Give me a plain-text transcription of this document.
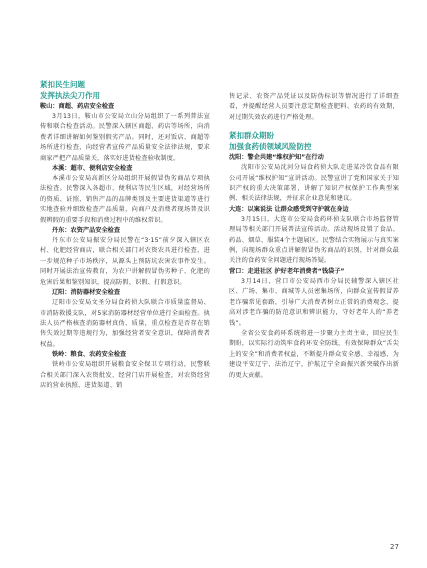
紧扣民生问题

发挥执法尖刀作用

鞍山：商超、药店安全检查

3月13日，鞍山市公安局立山分局组织了一系列普法宣传和联合检查活动。民警深入辖区商超、药店等场所，向消费者详细讲解如何鉴别假劣产品。同时，还对饭店、商超等场所进行检查，向经营者宣传产品质量安全法律法规，要求商家严把产品质量关，落实好进货检查验收制度。

本溪：超市、便利店安全检查

本溪市公安局高新区分局组织开展假冒伪劣商品专项执法检查。民警深入各超市、便利店等民生区域，对经营场所的资质、证照、销售产品的品牌类别及主要进货渠道等进行实地查验并细致检查产品质量，向商户及消费者现场普及识假辨假的重要手段和消费过程中的维权常识。

丹东：农资产品安全检查

丹东市公安局振安分局民警在“3·15”前夕深入辖区农村、化肥经营商店，联合相关部门对农资农具进行检查，进一步规范种子市场秩序，从源头上预防坑农害农事件发生。同时开展法治宣传教育，为农户讲解假冒伪劣种子、化肥的危害后果和鉴别知识，提高防假、识假、打假意识。

辽阳：消防器材安全检查

辽阳市公安局文圣分局食药侦大队联合市质量监督局、市消防救援支队，对5家消防器材经营单位进行全面检查。执法人员严格核查消防器材真伪、质量，重点检查是否存在销售失效过期等违规行为，加强经营者安全意识，保障消费者权益。

铁岭：粮食、农药安全检查

铁岭市公安局组织开展粮食安全保卫专项行动，民警联合相关部门深入农资批发、经营门店开展检查，对农资经营店的营业执照、进货渠道、销

售记录、农资产品凭证以及防伪标识等情况进行了详细查看，并提醒经营人员要注意定期检查肥料、农药的有效期，对过期失效农药进行严格处理。

紧扣群众期盼

加强食药侦领域风险防控

沈阳：警企共建“维权护知”在行动

沈阳市公安局沈河分局食药侦大队走进某冷饮食品有限公司开展“维权护知”宣讲活动。民警宣讲了党和国家关于知识产权的重大决策部署，讲解了知识产权保护工作典型案例、相关法律法规，并征求企业意见和建议。

大连：以案说法 让群众感受到守护就在身边

3月15日，大连市公安局食药环侦支队联合市场监督管理局等相关部门开展普法宣传活动。活动现场设置了食品、药品、烟草、服装4个主题展区。民警结合实物展示与真实案例，向现场群众重点讲解假冒伪劣商品的识别，针对群众最关注的食药安全问题进行现场答疑。

营口：走进社区 护好老年消费者“钱袋子”

3月14日，营口市公安局西市分局民辅警深入辖区社区、广场、集市、商城等人员密集场所，向群众宣传假冒养老诈骗常见套路，引导广大消费者树立正常的消费观念，提高对涉老诈骗的防范意识和辨识能力，守好老年人的“养老钱”。

全省公安食药环系统将进一步聚力主责主业，回应民生期盼，以实际行动筑牢食药环安全防线，有效保障群众“舌尖上的安全”和消费者权益，不断提升群众安全感、幸福感，为建设平安辽宁、法治辽宁，护航辽宁全面振兴新突破作出新的更大贡献。

27
